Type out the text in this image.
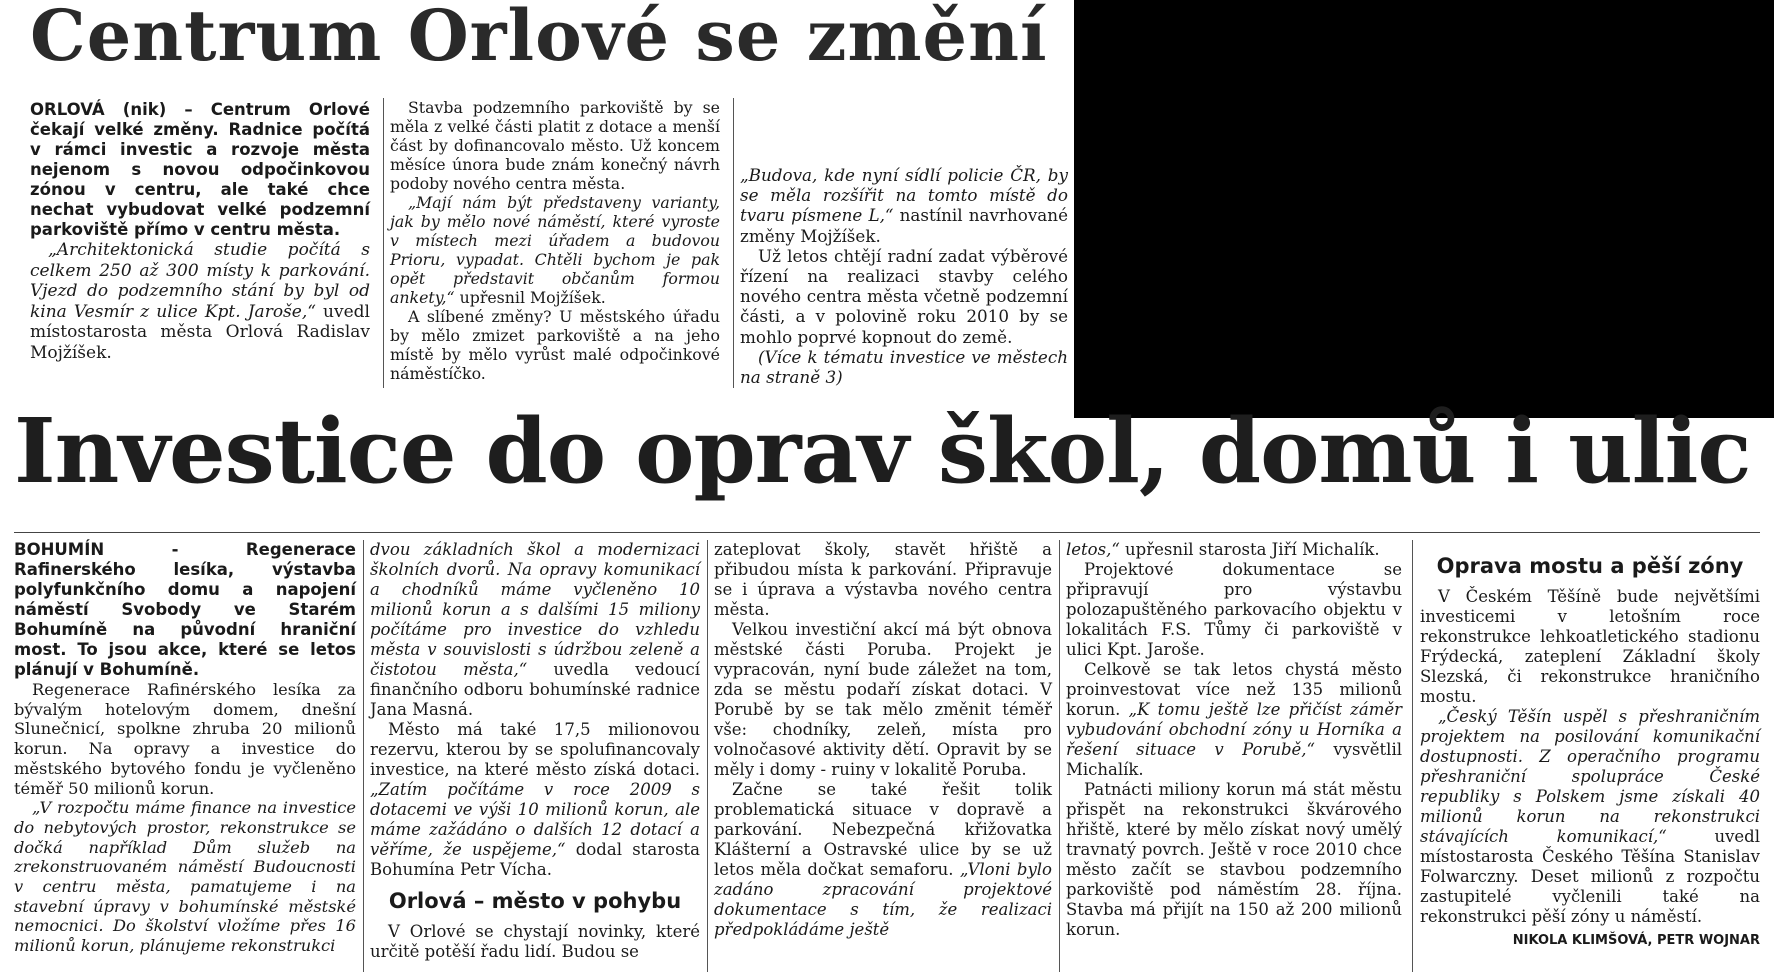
Centrum Orlové se změní

ORLOVÁ (nik) – Centrum Orlové čekají velké změny. Radnice počítá v rámci investic a rozvoje města nejenom s novou odpočinkovou zónou v centru, ale také chce nechat vybudovat velké podzemní parkoviště přímo v centru města.

„Architektonická studie počítá s celkem 250 až 300 místy k parkování. Vjezd do podzemního stání by byl od kina Vesmír z ulice Kpt. Jaroše,“ uvedl místostarosta města Orlová Radislav Mojžíšek.

Stavba podzemního parkoviště by se měla z velké části platit z dotace a menší část by dofinancovalo město. Už koncem měsíce února bude znám konečný návrh podoby nového centra města.

„Mají nám být představeny varianty, jak by mělo nové náměstí, které vyroste v místech mezi úřadem a budovou Prioru, vypadat. Chtěli bychom je pak opět představit občanům formou ankety,“ upřesnil Mojžíšek.

A slíbené změny? U městského úřadu by mělo zmizet parkoviště a na jeho místě by mělo vyrůst malé odpočinkové náměstíčko.

„Budova, kde nyní sídlí policie ČR, by se měla rozšířit na tomto místě do tvaru písmene L,“ nastínil navrhované změny Mojžíšek.

Už letos chtějí radní zadat výběrové řízení na realizaci stavby celého nového centra města včetně podzemní části, a v polovině roku 2010 by se mohlo poprvé kopnout do země.

(Více k tématu investice ve městech na straně 3)

Investice do oprav škol, domů i ulic

BOHUMÍN - Regenerace Rafinerského lesíka, výstavba polyfunkčního domu a napojení náměstí Svobody ve Starém Bohumíně na původní hraniční most. To jsou akce, které se letos plánují v Bohumíně.

Regenerace Rafinérského lesíka za bývalým hotelovým domem, dnešní Slunečnicí, spolkne zhruba 20 milionů korun. Na opravy a investice do městského bytového fondu je vyčleněno téměř 50 milionů korun.

„V rozpočtu máme finance na investice do nebytových prostor, rekonstrukce se dočká například Dům služeb na zrekonstruovaném náměstí Budoucnosti v centru města, pamatujeme i na stavební úpravy v bohumínské městské nemocnici. Do školství vložíme přes 16 milionů korun, plánujeme rekonstrukci

dvou základních škol a modernizaci školních dvorů. Na opravy komunikací a chodníků máme vyčleněno 10 milionů korun a s dalšími 15 miliony počítáme pro investice do vzhledu města v souvislosti s údržbou zeleně a čistotou města,“ uvedla vedoucí finančního odboru bohumínské radnice Jana Masná.

Město má také 17,5 milionovou rezervu, kterou by se spolufinancovaly investice, na které město získá dotaci. „Zatím počítáme v roce 2009 s dotacemi ve výši 10 milionů korun, ale máme zažádáno o dalších 12 dotací a věříme, že uspějeme,“ dodal starosta Bohumína Petr Vícha.

Orlová – město v pohybu

V Orlové se chystají novinky, které určitě potěší řadu lidí. Budou se

zateplovat školy, stavět hřiště a přibudou místa k parkování. Připravuje se i úprava a výstavba nového centra města.

Velkou investiční akcí má být obnova městské části Poruba. Projekt je vypracován, nyní bude záležet na tom, zda se městu podaří získat dotaci. V Porubě by se tak mělo změnit téměř vše: chodníky, zeleň, místa pro volnočasové aktivity dětí. Opravit by se měly i domy - ruiny v lokalitě Poruba.

Začne se také řešit tolik problematická situace v dopravě a parkování. Nebezpečná křižovatka Klášterní a Ostravské ulice by se už letos měla dočkat semaforu. „Vloni bylo zadáno zpracování projektové dokumentace s tím, že realizaci předpokládáme ještě

letos,“ upřesnil starosta Jiří Michalík.

Projektové dokumentace se připravují pro výstavbu polozapuštěného parkovacího objektu v lokalitách F.S. Tůmy či parkoviště v ulici Kpt. Jaroše.

Celkově se tak letos chystá město proinvestovat více než 135 milionů korun. „K tomu ještě lze přičíst záměr vybudování obchodní zóny u Horníka a řešení situace v Porubě,“ vysvětlil Michalík.

Patnácti miliony korun má stát městu přispět na rekonstrukci škvárového hřiště, které by mělo získat nový umělý travnatý povrch. Ještě v roce 2010 chce město začít se stavbou podzemního parkoviště pod náměstím 28. října. Stavba má přijít na 150 až 200 milionů korun.

Oprava mostu a pěší zóny

V Českém Těšíně bude největšími investicemi v letošním roce rekonstrukce lehkoatletického stadionu Frýdecká, zateplení Základní školy Slezská, či rekonstrukce hraničního mostu.

„Český Těšín uspěl s přeshraničním projektem na posilování komunikační dostupnosti. Z operačního programu přeshraniční spolupráce České republiky s Polskem jsme získali 40 milionů korun na rekonstrukci stávajících komunikací,“ uvedl místostarosta Českého Těšína Stanislav Folwarczny. Deset milionů z rozpočtu zastupitelé vyčlenili také na rekonstrukci pěší zóny u náměstí.

NIKOLA KLIMŠOVÁ, PETR WOJNAR
